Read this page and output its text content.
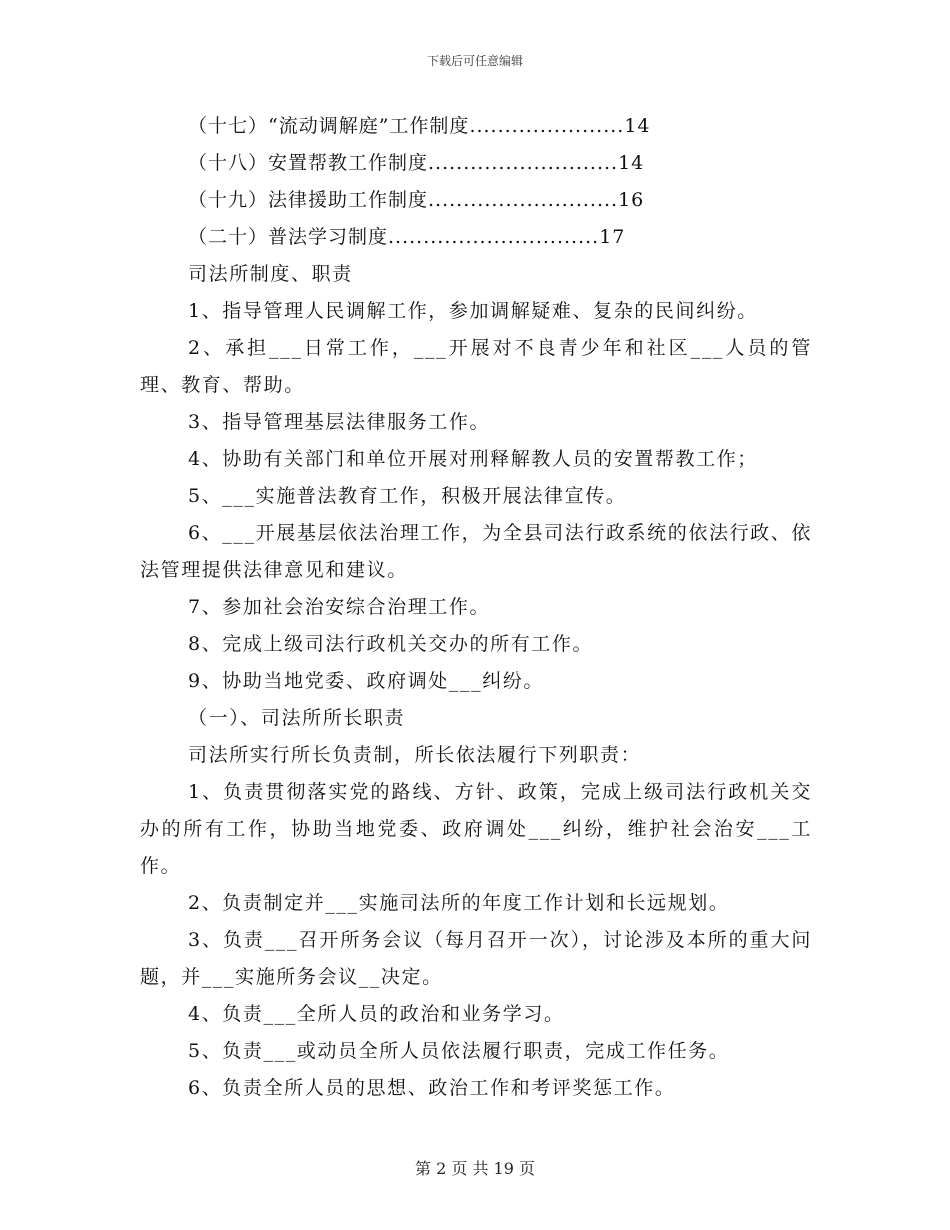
下载后可任意编辑
（十七）“流动调解庭”工作制度......................14
（十八）安置帮教工作制度...........................14
（十九）法律援助工作制度...........................16
（二十）普法学习制度..............................17

司法所制度、职责

1、指导管理人民调解工作，参加调解疑难、复杂的民间纠纷。

2、承担___日常工作，___开展对不良青少年和社区___人员的管理、教育、帮助。

3、指导管理基层法律服务工作。

4、协助有关部门和单位开展对刑释解教人员的安置帮教工作；

5、___实施普法教育工作，积极开展法律宣传。

6、___开展基层依法治理工作，为全县司法行政系统的依法行政、依法管理提供法律意见和建议。

7、参加社会治安综合治理工作。

8、完成上级司法行政机关交办的所有工作。

9、协助当地党委、政府调处___纠纷。

（一）、司法所所长职责

司法所实行所长负责制，所长依法履行下列职责：

1、负责贯彻落实党的路线、方针、政策，完成上级司法行政机关交办的所有工作，协助当地党委、政府调处___纠纷，维护社会治安___工作。

2、负责制定并___实施司法所的年度工作计划和长远规划。

3、负责___召开所务会议（每月召开一次），讨论涉及本所的重大问题，并___实施所务会议__决定。

4、负责___全所人员的政治和业务学习。

5、负责___或动员全所人员依法履行职责，完成工作任务。

6、负责全所人员的思想、政治工作和考评奖惩工作。

第 2 页 共 19 页
